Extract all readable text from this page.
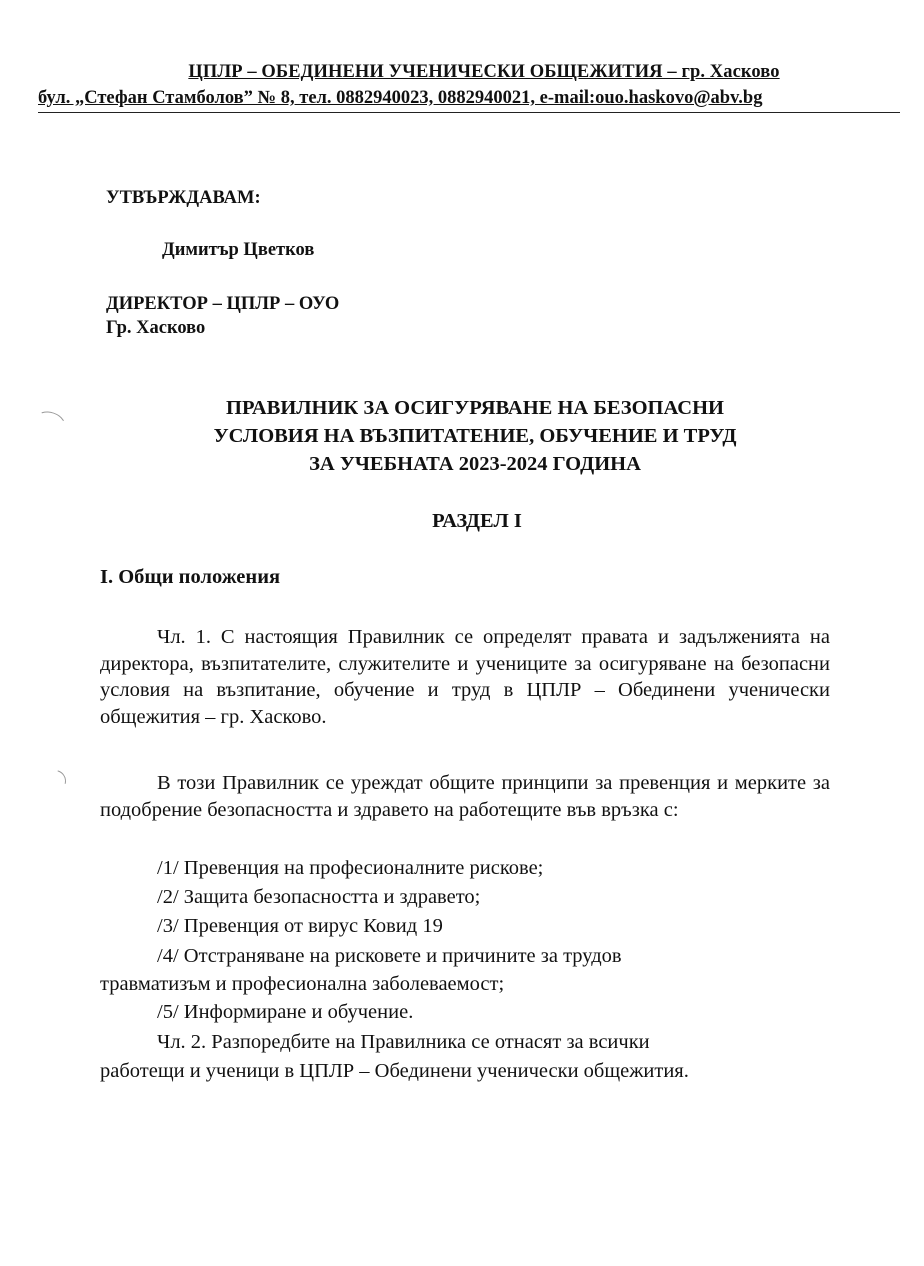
ЦПЛР – ОБЕДИНЕНИ УЧЕНИЧЕСКИ ОБЩЕЖИТИЯ – гр. Хасково
бул. „Стефан Стамболов” № 8, тел. 0882940023, 0882940021, e-mail:ouo.haskovo@abv.bg
УТВЪРЖДАВАМ:
Димитър Цветков
ДИРЕКТОР – ЦПЛР – ОУО
Гр. Хасково
ПРАВИЛНИК ЗА ОСИГУРЯВАНЕ НА БЕЗОПАСНИ
УСЛОВИЯ НА ВЪЗПИТАТЕНИЕ, ОБУЧЕНИЕ И ТРУД
ЗА УЧЕБНАТА 2023-2024 ГОДИНА
РАЗДЕЛ I
I. Общи положения
Чл. 1. С настоящия Правилник се определят правата и задълженията на директора, възпитателите, служителите и учениците за осигуряване на безопасни условия на възпитание, обучение и труд в ЦПЛР – Обединени ученически общежития – гр. Хасково.
В този Правилник се уреждат общите принципи за превенция и мерките за подобрение безопасността и здравето на работещите във връзка с:
/1/ Превенция на професионалните рискове;
/2/ Защита безопасността и здравето;
/3/ Превенция от вирус Ковид 19
/4/ Отстраняване на рисковете и причините за трудов
травматизъм и професионална заболеваемост;
/5/ Информиране и обучение.
Чл. 2. Разпоредбите на Правилника се отнасят за всички
работещи и ученици в ЦПЛР – Обединени ученически общежития.
